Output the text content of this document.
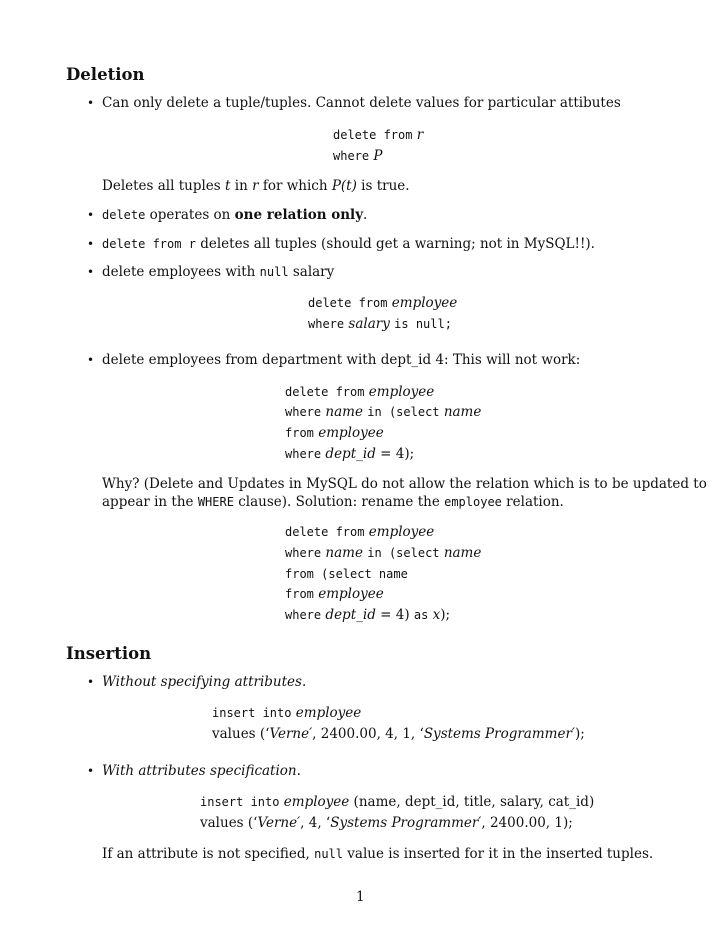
Deletion
• Can only delete a tuple/tuples. Cannot delete values for particular attibutes
delete from r
where P
Deletes all tuples t in r for which P(t) is true.
• delete operates on one relation only.
• delete from r deletes all tuples (should get a warning; not in MySQL!!).
• delete employees with null salary
delete from employee
where salary is null;
• delete employees from department with dept_id 4: This will not work:
delete from employee
where name in (select name
from employee
where dept_id = 4);
Why? (Delete and Updates in MySQL do not allow the relation which is to be updated to
appear in the WHERE clause). Solution: rename the employee relation.
delete from employee
where name in (select name
from (select name
from employee
where dept_id = 4) as x);
Insertion
• Without specifying attributes.
insert into employee
values (‘Verne′, 2400.00, 4, 1, ‘Systems Programmer′);
• With attributes specification.
insert into employee (name, dept_id, title, salary, cat_id)
values (‘Verne′, 4, ‘Systems Programmer′, 2400.00, 1);
If an attribute is not specified, null value is inserted for it in the inserted tuples.
1
